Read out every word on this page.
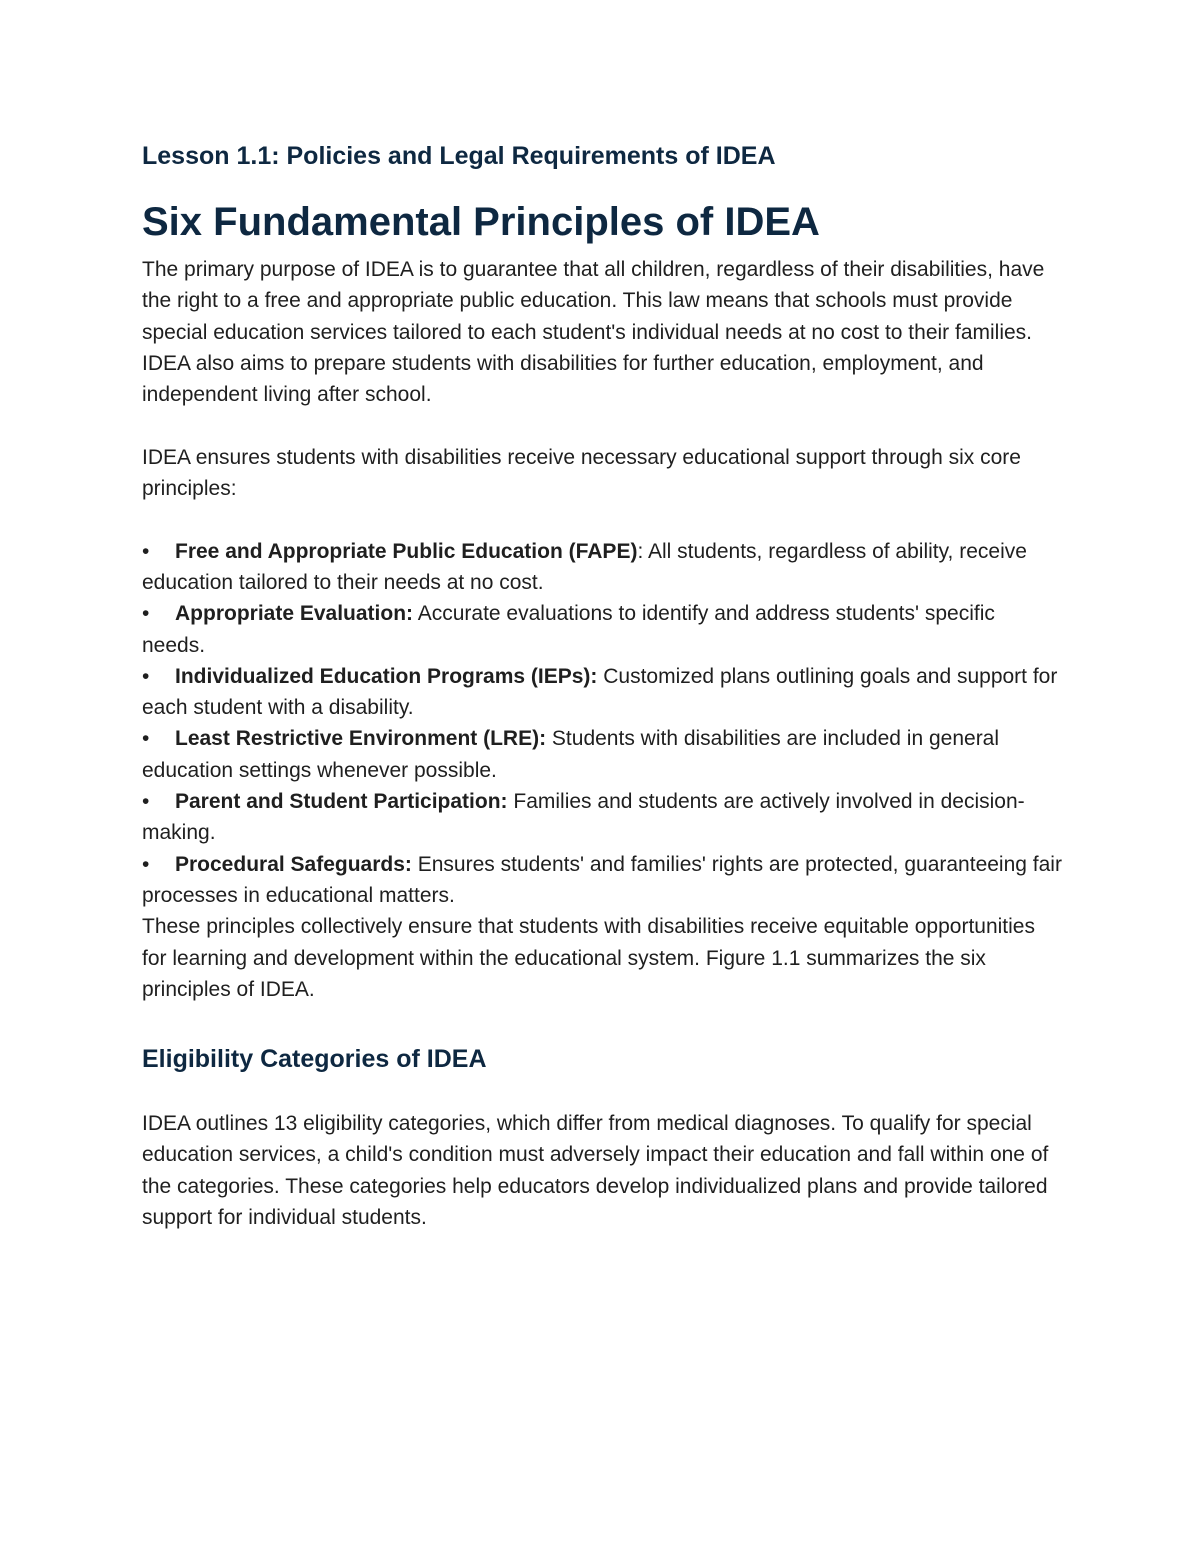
Lesson 1.1: Policies and Legal Requirements of IDEA
Six Fundamental Principles of IDEA

The primary purpose of IDEA is to guarantee that all children, regardless of their disabilities, have the right to a free and appropriate public education. This law means that schools must provide special education services tailored to each student's individual needs at no cost to their families. IDEA also aims to prepare students with disabilities for further education, employment, and independent living after school.

IDEA ensures students with disabilities receive necessary educational support through six core principles:

• Free and Appropriate Public Education (FAPE): All students, regardless of ability, receive education tailored to their needs at no cost.
• Appropriate Evaluation: Accurate evaluations to identify and address students' specific needs.
• Individualized Education Programs (IEPs): Customized plans outlining goals and support for each student with a disability.
• Least Restrictive Environment (LRE): Students with disabilities are included in general education settings whenever possible.
• Parent and Student Participation: Families and students are actively involved in decision-making.
• Procedural Safeguards: Ensures students' and families' rights are protected, guaranteeing fair processes in educational matters.

These principles collectively ensure that students with disabilities receive equitable opportunities for learning and development within the educational system. Figure 1.1 summarizes the six principles of IDEA.

Eligibility Categories of IDEA

IDEA outlines 13 eligibility categories, which differ from medical diagnoses. To qualify for special education services, a child's condition must adversely impact their education and fall within one of the categories. These categories help educators develop individualized plans and provide tailored support for individual students.
